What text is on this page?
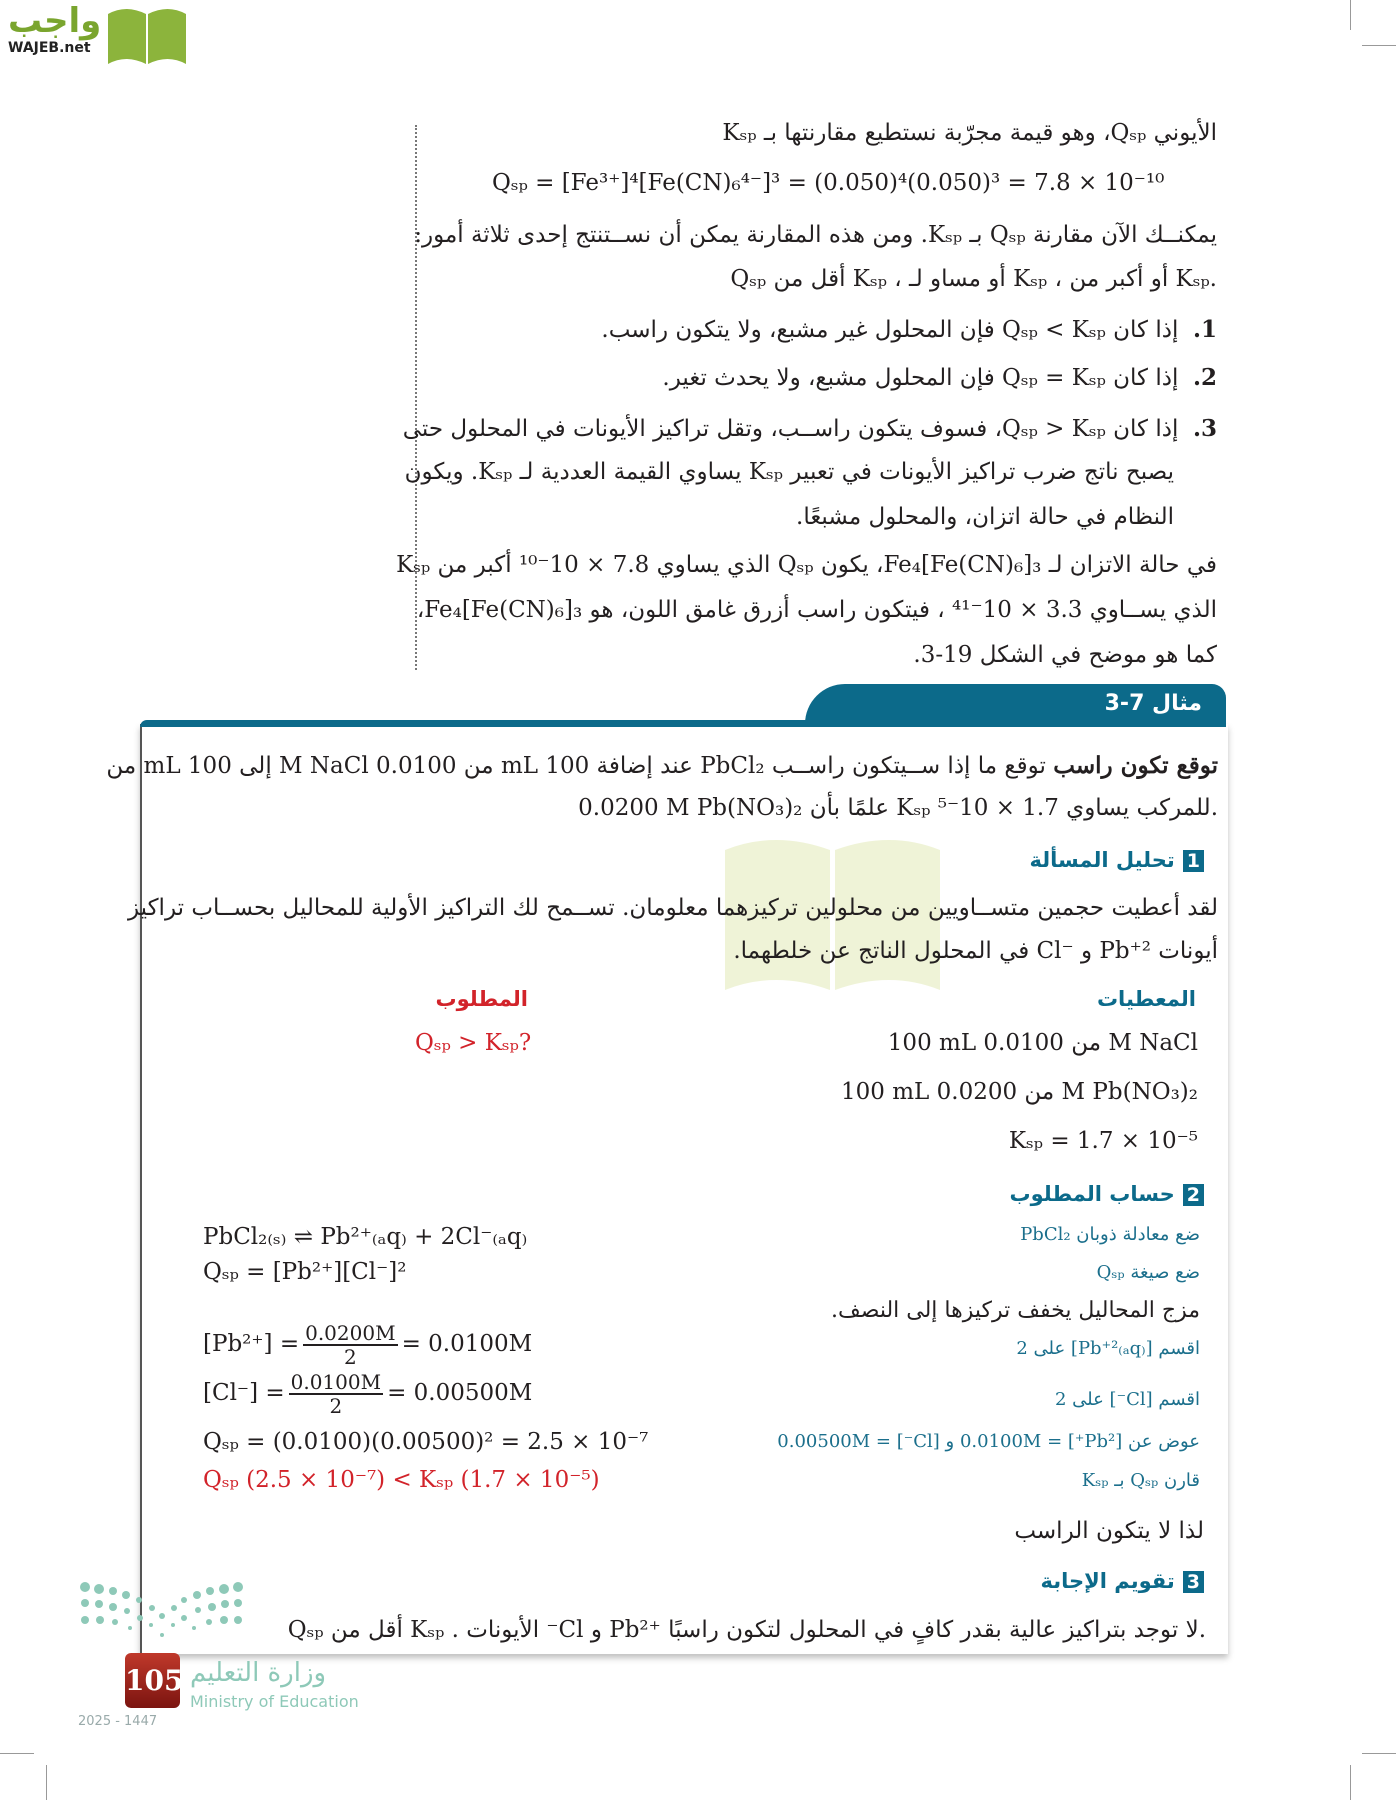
واجب
WAJEB.net
الأيوني Qₛₚ، وهو قيمة مجرّبة نستطيع مقارنتها بـ Kₛₚ
Qₛₚ = [Fe³⁺]⁴[Fe(CN)₆⁴⁻]³ = (0.050)⁴(0.050)³ = 7.8 × 10⁻¹⁰
يمكنــك الآن مقارنة Qₛₚ بـ Kₛₚ. ومن هذه المقارنة يمكن أن نســتنتج إحدى ثلاثة أمور:
Qₛₚ أقل من Kₛₚ ، أو مساو لـ Kₛₚ ، أو أكبر من Kₛₚ.
1.  إذا كان Qₛₚ < Kₛₚ فإن المحلول غير مشبع، ولا يتكون راسب.
2.  إذا كان Qₛₚ = Kₛₚ فإن المحلول مشبع، ولا يحدث تغير.
3.  إذا كان Qₛₚ > Kₛₚ، فسوف يتكون راســب، وتقل تراكيز الأيونات في المحلول حتى
يصبح ناتج ضرب تراكيز الأيونات في تعبير Kₛₚ يساوي القيمة العددية لـ Kₛₚ. ويكون
النظام في حالة اتزان، والمحلول مشبعًا.
في حالة الاتزان لـ Fe₄[Fe(CN)₆]₃، يكون Qₛₚ الذي يساوي 7.8 × 10⁻¹⁰ أكبر من Kₛₚ
الذي يســاوي 3.3 × 10⁻⁴¹ ، فيتكون راسب أزرق غامق اللون، هو Fe₄[Fe(CN)₆]₃،
كما هو موضح في الشكل 19-3.
مثال 7-3
توقع تكون راسب توقع ما إذا ســيتكون راســب PbCl₂ عند إضافة 100 mL من 0.0100 M NaCl إلى 100 mL من
0.0200 M Pb(NO₃)₂ علمًا بأن Kₛₚ للمركب يساوي 1.7 × 10⁻⁵.
1تحليل المسألة
لقد أعطيت حجمين متســاويين من محلولين تركيزهما معلومان. تســمح لك التراكيز الأولية للمحاليل بحســاب تراكيز
أيونات Pb⁺² و ⁻Cl في المحلول الناتج عن خلطهما.
المعطيات
المطلوب
100 mL من 0.0100 M NaCl
100 mL من 0.0200 M Pb(NO₃)₂
Kₛₚ = 1.7 × 10⁻⁵
Qₛₚ > Kₛₚ?
2حساب المطلوب
PbCl₂₍ₛ₎ ⇌ Pb²⁺₍ₐq₎ + 2Cl⁻₍ₐq₎
Qₛₚ = [Pb²⁺][Cl⁻]²
$[Pb^{2+}] = \frac{0.0200M}{2} = 0.0100M$
$[Cl^-] = \frac{0.0100M}{2} = 0.00500M$
Qₛₚ = (0.0100)(0.00500)² = 2.5 × 10⁻⁷
Qₛₚ (2.5 × 10⁻⁷) < Kₛₚ (1.7 × 10⁻⁵)
ضع معادلة ذوبان PbCl₂
ضع صيغة Qₛₚ
مزج المحاليل يخفف تركيزها إلى النصف.
اقسم [Pb⁺²₍ₐq₎] على 2
اقسم [Cl⁻] على 2
عوض عن [Pb²⁺] = 0.0100M و [Cl⁻] = 0.00500M
قارن Qₛₚ بـ Kₛₚ
لذا لا يتكون الراسب
3تقويم الإجابة
Qₛₚ أقل من Kₛₚ . الأيونات ⁻Cl و Pb²⁺ لا توجد بتراكيز عالية بقدر كافٍ في المحلول لتكون راسبًا.
105 وزارة التعليم
Ministry of Education
2025 - 1447
